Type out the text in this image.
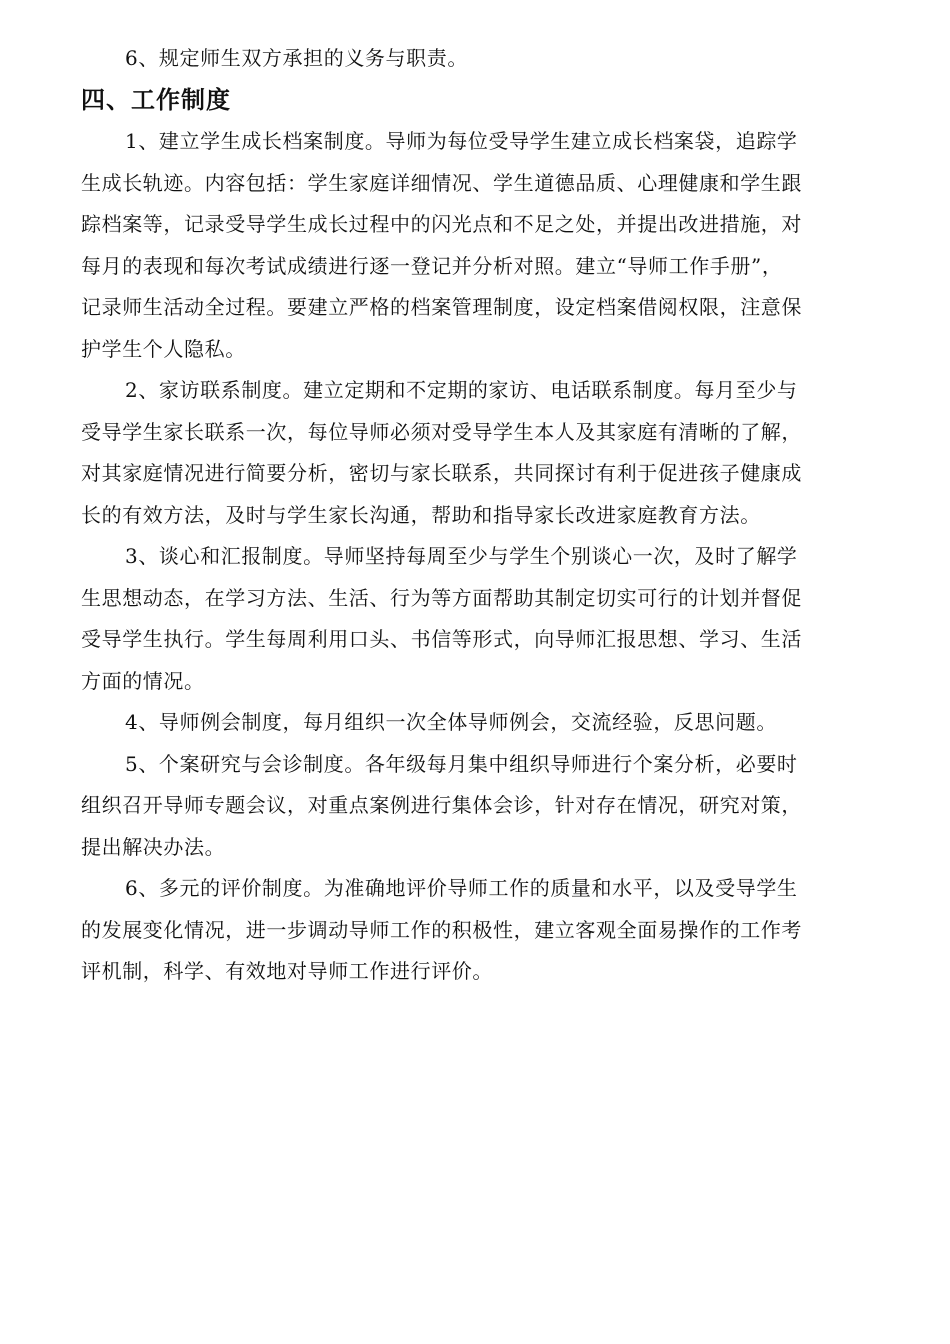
6、规定师生双方承担的义务与职责。
四、工作制度
1、建立学生成长档案制度。导师为每位受导学生建立成长档案袋，追踪学
生成长轨迹。内容包括：学生家庭详细情况、学生道德品质、心理健康和学生跟
踪档案等，记录受导学生成长过程中的闪光点和不足之处，并提出改进措施，对
每月的表现和每次考试成绩进行逐一登记并分析对照。建立“导师工作手册”，
记录师生活动全过程。要建立严格的档案管理制度，设定档案借阅权限，注意保
护学生个人隐私。
2、家访联系制度。建立定期和不定期的家访、电话联系制度。每月至少与
受导学生家长联系一次，每位导师必须对受导学生本人及其家庭有清晰的了解，
对其家庭情况进行简要分析，密切与家长联系，共同探讨有利于促进孩子健康成
长的有效方法，及时与学生家长沟通，帮助和指导家长改进家庭教育方法。
3、谈心和汇报制度。导师坚持每周至少与学生个别谈心一次，及时了解学
生思想动态，在学习方法、生活、行为等方面帮助其制定切实可行的计划并督促
受导学生执行。学生每周利用口头、书信等形式，向导师汇报思想、学习、生活
方面的情况。
4、导师例会制度，每月组织一次全体导师例会，交流经验，反思问题。
5、个案研究与会诊制度。各年级每月集中组织导师进行个案分析，必要时
组织召开导师专题会议，对重点案例进行集体会诊，针对存在情况，研究对策，
提出解决办法。
6、多元的评价制度。为准确地评价导师工作的质量和水平，以及受导学生
的发展变化情况，进一步调动导师工作的积极性，建立客观全面易操作的工作考
评机制，科学、有效地对导师工作进行评价。
